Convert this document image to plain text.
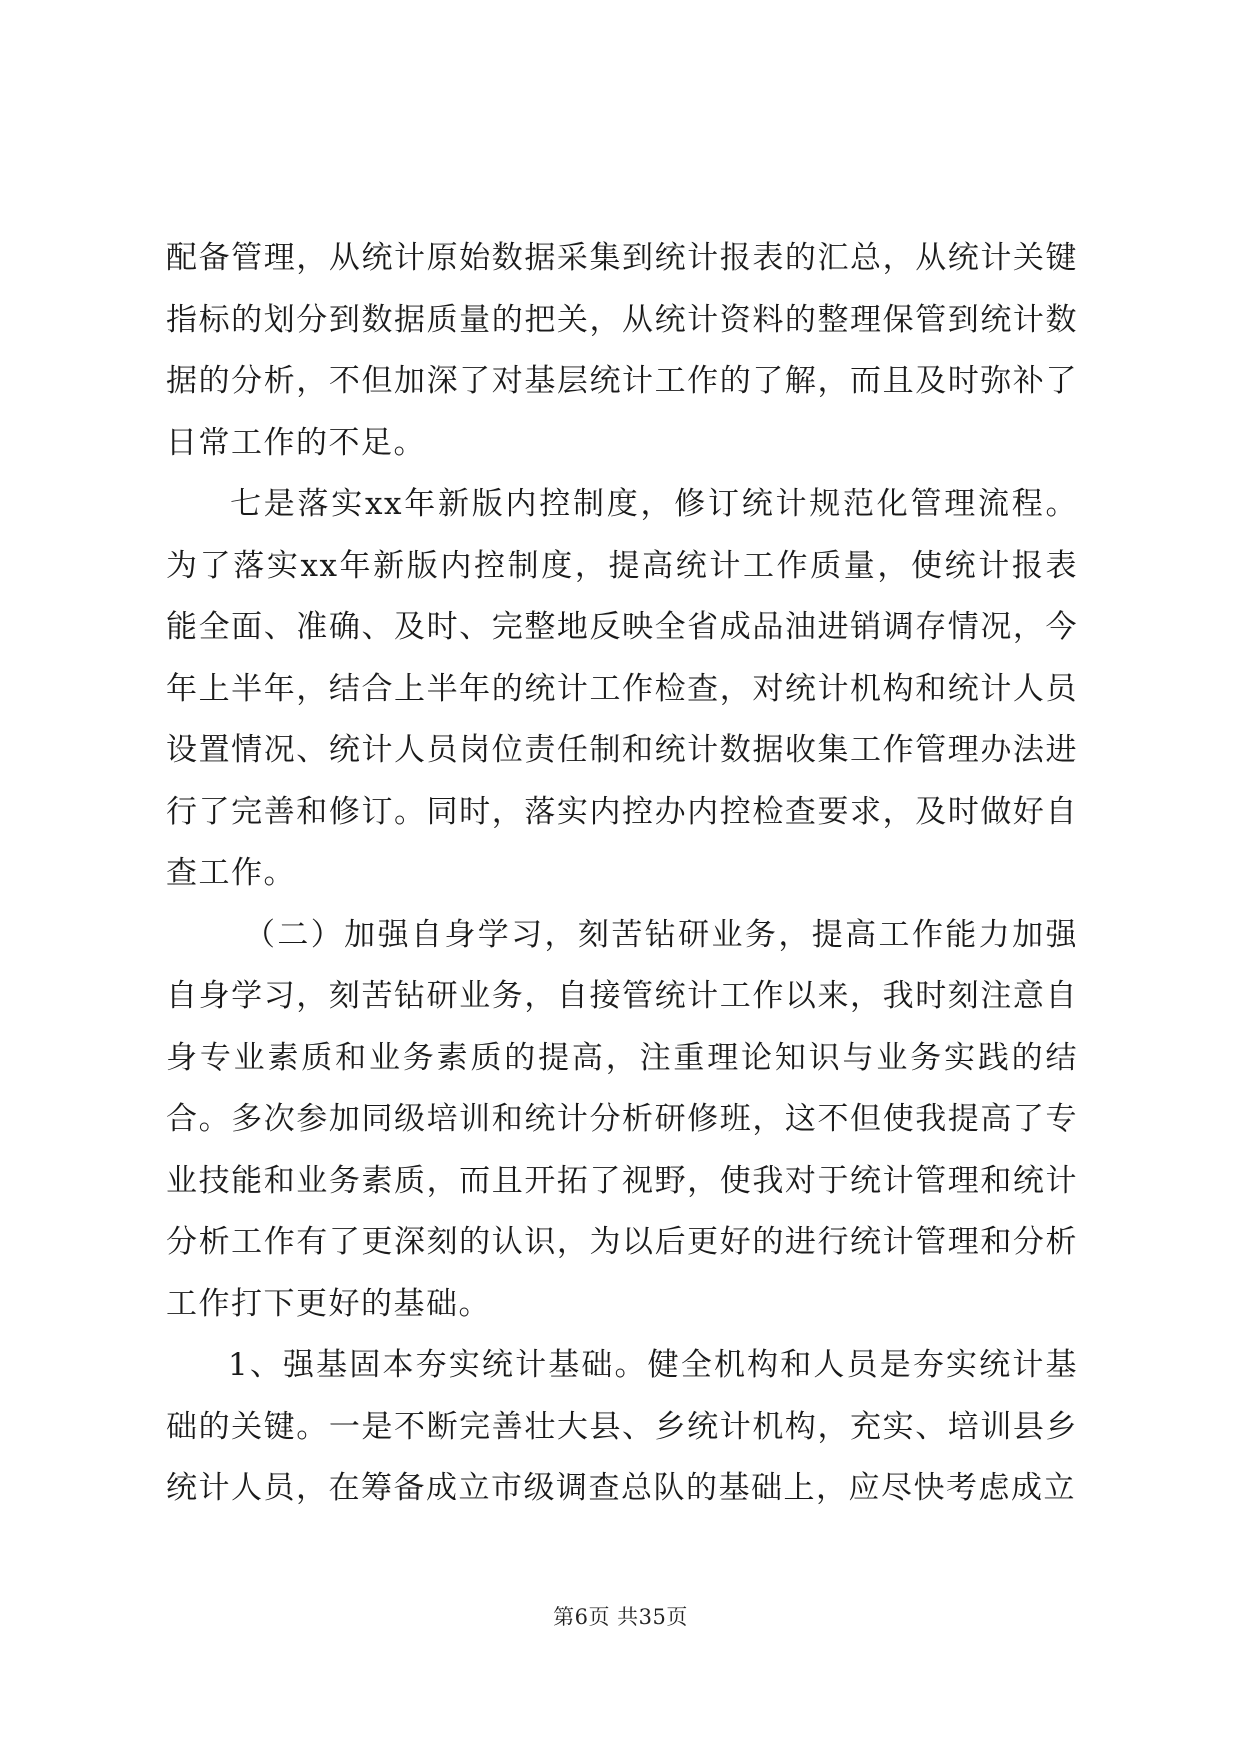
配备管理，从统计原始数据采集到统计报表的汇总，从统计关键指标的划分到数据质量的把关，从统计资料的整理保管到统计数据的分析，不但加深了对基层统计工作的了解，而且及时弥补了日常工作的不足。

七是落实xx年新版内控制度，修订统计规范化管理流程。为了落实xx年新版内控制度，提高统计工作质量，使统计报表能全面、准确、及时、完整地反映全省成品油进销调存情况，今年上半年，结合上半年的统计工作检查，对统计机构和统计人员设置情况、统计人员岗位责任制和统计数据收集工作管理办法进行了完善和修订。同时，落实内控办内控检查要求，及时做好自查工作。

（二）加强自身学习，刻苦钻研业务，提高工作能力加强自身学习，刻苦钻研业务，自接管统计工作以来，我时刻注意自身专业素质和业务素质的提高，注重理论知识与业务实践的结合。多次参加同级培训和统计分析研修班，这不但使我提高了专业技能和业务素质，而且开拓了视野，使我对于统计管理和统计分析工作有了更深刻的认识，为以后更好的进行统计管理和分析工作打下更好的基础。

1、强基固本夯实统计基础。健全机构和人员是夯实统计基础的关键。一是不断完善壮大县、乡统计机构，充实、培训县乡统计人员，在筹备成立市级调查总队的基础上，应尽快考虑成立

第6页 共35页
